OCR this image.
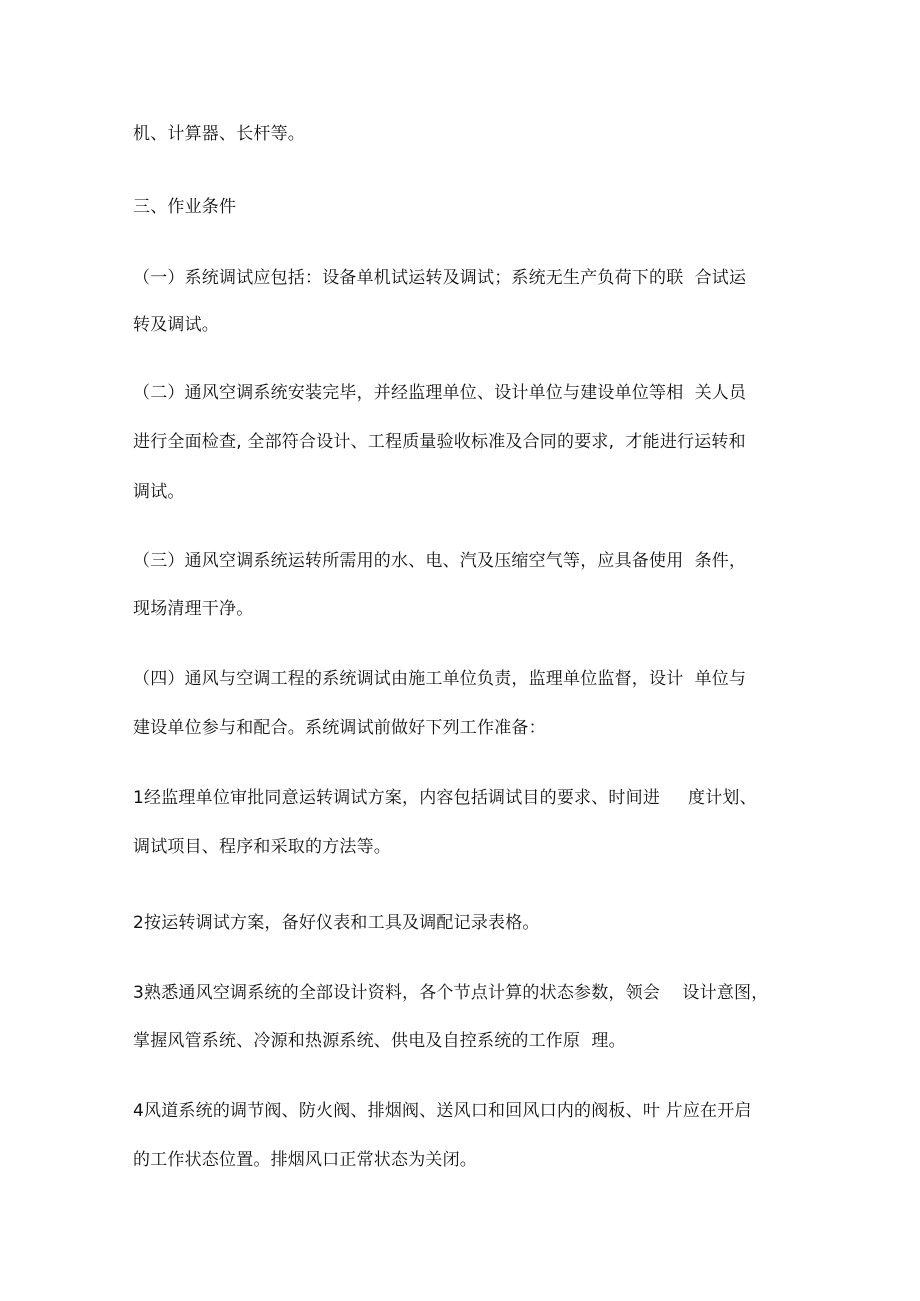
机、计算器、长杆等。
三、作业条件
（一）系统调试应包括：设备单机试运转及调试；系统无生产负荷下的联  合试运
转及调试。
（二）通风空调系统安装完毕，并经监理单位、设计单位与建设单位等相  关人员
进行全面检查, 全部符合设计、工程质量验收标准及合同的要求,  才能进行运转和
调试。
（三）通风空调系统运转所需用的水、电、汽及压缩空气等，应具备使用  条件，
现场清理干净。
（四）通风与空调工程的系统调试由施工单位负责，监理单位监督，设计  单位与
建设单位参与和配合。系统调试前做好下列工作准备：
1经监理单位审批同意运转调试方案，内容包括调试目的要求、时间进     度计划、
调试项目、程序和采取的方法等。
2按运转调试方案，备好仪表和工具及调配记录表格。
3熟悉通风空调系统的全部设计资料，各个节点计算的状态参数，领会    设计意图，
掌握风管系统、冷源和热源系统、供电及自控系统的工作原  理。
4风道系统的调节阀、防火阀、排烟阀、送风口和回风口内的阀板、叶 片应在开启
的工作状态位置。排烟风口正常状态为关闭。
